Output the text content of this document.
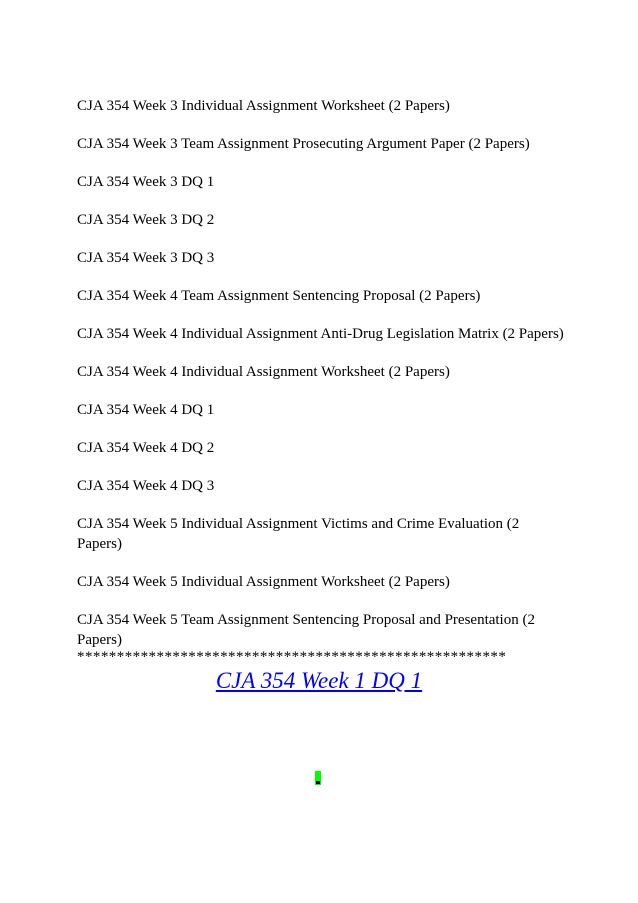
CJA 354 Week 3 Individual Assignment Worksheet (2 Papers)
CJA 354 Week 3 Team Assignment Prosecuting Argument Paper (2 Papers)
CJA 354 Week 3 DQ 1
CJA 354 Week 3 DQ 2
CJA 354 Week 3 DQ 3
CJA 354 Week 4 Team Assignment Sentencing Proposal (2 Papers)
CJA 354 Week 4 Individual Assignment Anti-Drug Legislation Matrix (2 Papers)
CJA 354 Week 4 Individual Assignment Worksheet (2 Papers)
CJA 354 Week 4 DQ 1
CJA 354 Week 4 DQ 2
CJA 354 Week 4 DQ 3
CJA 354 Week 5 Individual Assignment Victims and Crime Evaluation (2 Papers)
CJA 354 Week 5 Individual Assignment Worksheet (2 Papers)
CJA 354 Week 5 Team Assignment Sentencing Proposal and Presentation (2 Papers)
******************************************************
CJA 354 Week 1 DQ 1
